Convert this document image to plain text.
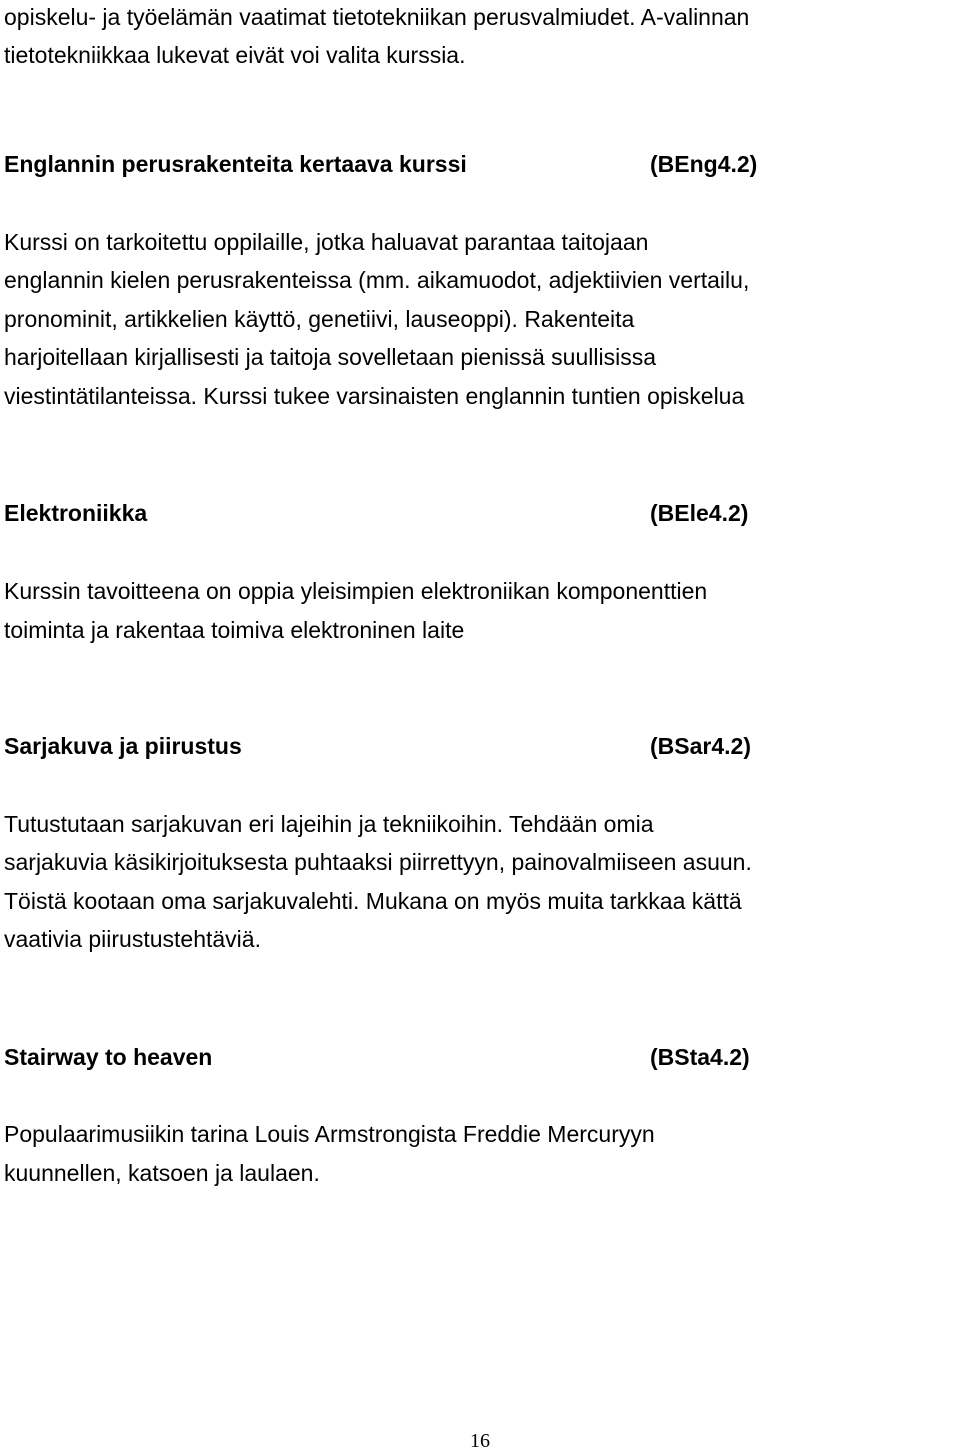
opiskelu- ja työelämän vaatimat tietotekniikan perusvalmiudet. A-valinnan
tietotekniikkaa lukevat eivät voi valita kurssia.
Englannin perusrakenteita kertaava kurssi	(BEng4.2)
Kurssi on tarkoitettu oppilaille, jotka haluavat parantaa taitojaan
englannin kielen perusrakenteissa (mm. aikamuodot, adjektiivien vertailu,
pronominit, artikkelien käyttö, genetiivi, lauseoppi). Rakenteita
harjoitellaan kirjallisesti ja taitoja sovelletaan pienissä suullisissa
viestintätilanteissa. Kurssi tukee varsinaisten englannin tuntien opiskelua
Elektroniikka	(BEle4.2)
Kurssin tavoitteena on oppia yleisimpien elektroniikan komponenttien
toiminta ja rakentaa toimiva elektroninen laite
Sarjakuva ja piirustus	(BSar4.2)
Tutustutaan sarjakuvan eri lajeihin ja tekniikoihin. Tehdään omia
sarjakuvia käsikirjoituksesta puhtaaksi piirrettyyn, painovalmiiseen asuun.
Töistä kootaan oma sarjakuvalehti. Mukana on myös muita tarkkaa kättä
vaativia piirustustehtäviä.
Stairway to heaven	(BSta4.2)
Populaarimusiikin tarina Louis Armstrongista Freddie Mercuryyn
kuunnellen, katsoen ja laulaen.
16
